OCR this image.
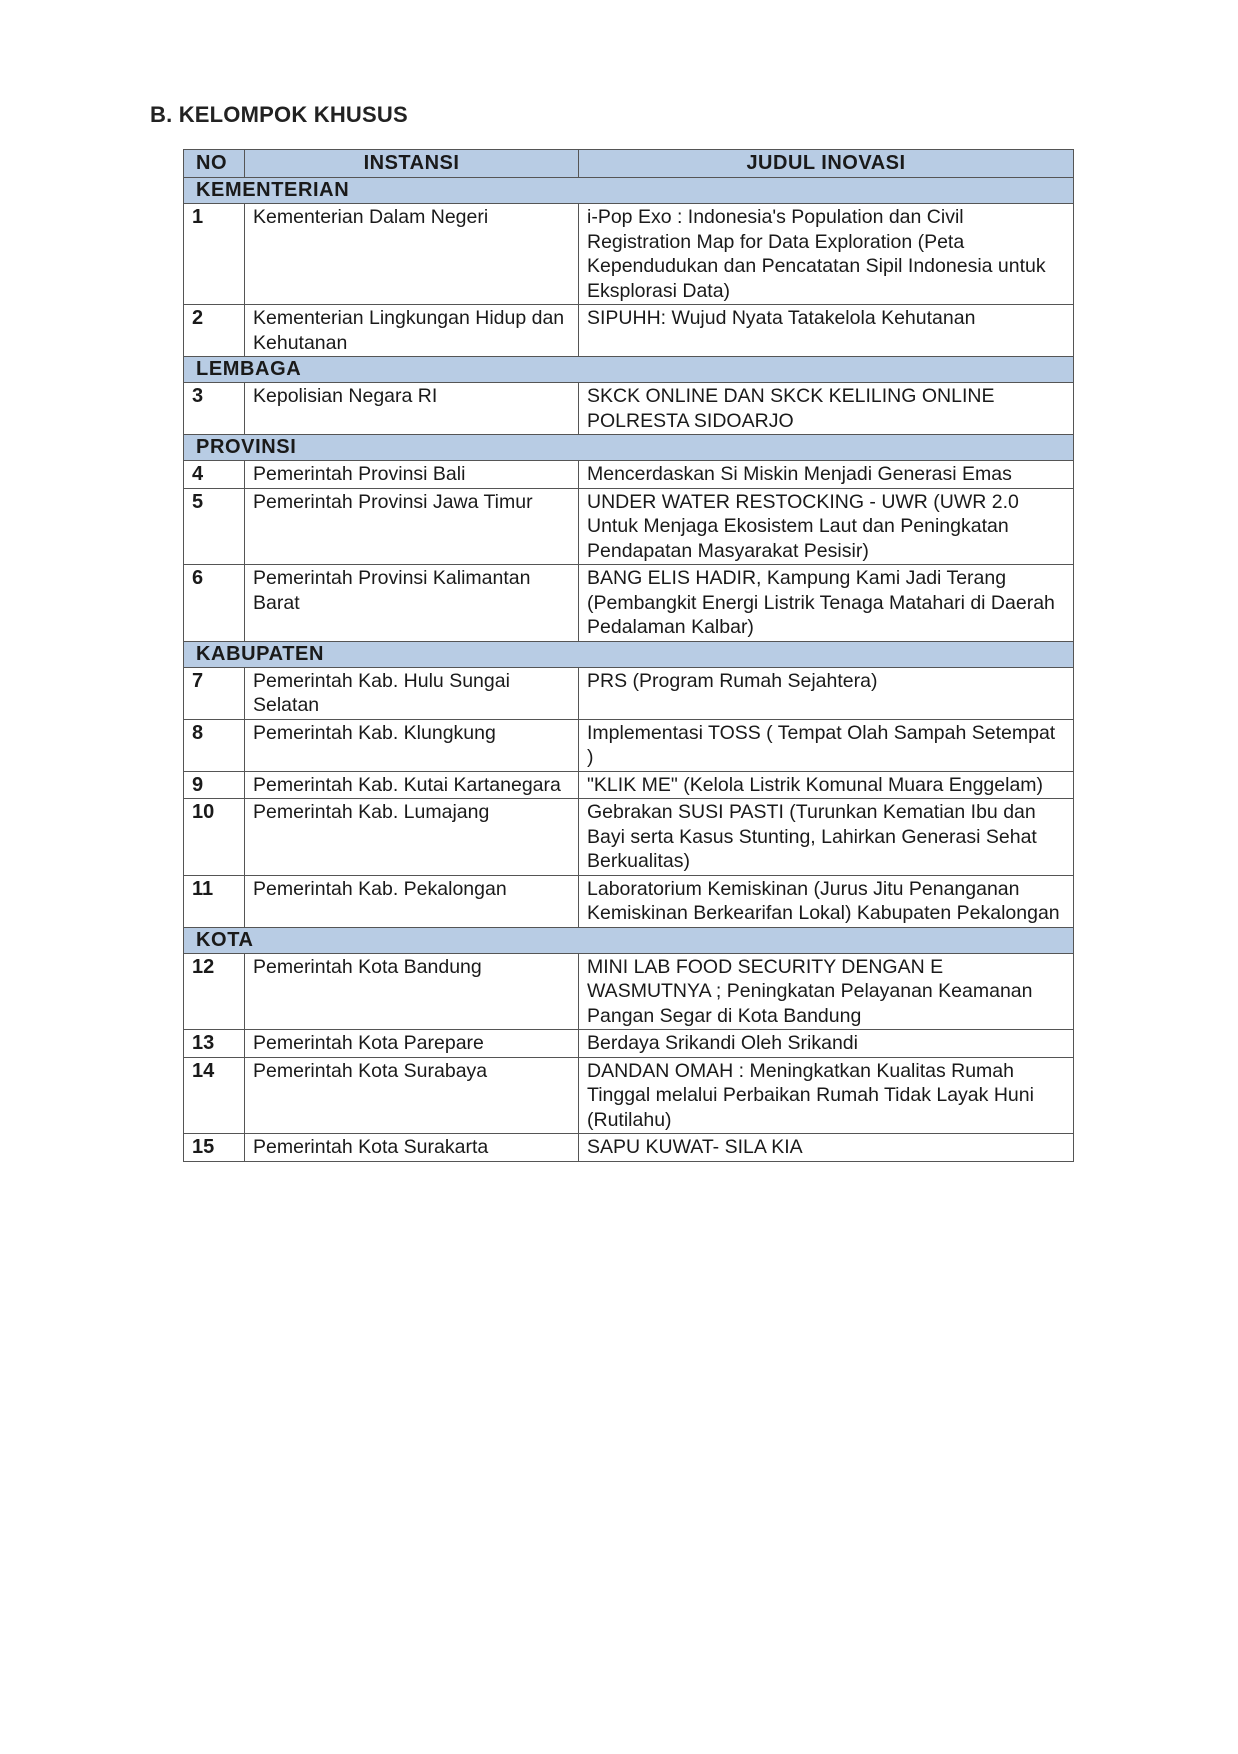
B. KELOMPOK KHUSUS
NO	INSTANSI	JUDUL INOVASI
KEMENTERIAN		
1	Kementerian Dalam Negeri	i-Pop Exo : Indonesia's Population dan Civil Registration Map for Data Exploration (Peta Kependudukan dan Pencatatan Sipil Indonesia untuk Eksplorasi Data)
2	Kementerian Lingkungan Hidup dan Kehutanan	SIPUHH: Wujud Nyata Tatakelola Kehutanan
LEMBAGA		
3	Kepolisian Negara RI	SKCK ONLINE DAN SKCK KELILING ONLINE POLRESTA SIDOARJO
PROVINSI		
4	Pemerintah Provinsi Bali	Mencerdaskan Si Miskin Menjadi Generasi Emas
5	Pemerintah Provinsi Jawa Timur	UNDER WATER RESTOCKING - UWR (UWR 2.0 Untuk Menjaga Ekosistem Laut dan Peningkatan Pendapatan Masyarakat Pesisir)
6	Pemerintah Provinsi Kalimantan Barat	BANG ELIS HADIR, Kampung Kami Jadi Terang (Pembangkit Energi Listrik Tenaga Matahari di Daerah Pedalaman Kalbar)
KABUPATEN		
7	Pemerintah Kab. Hulu Sungai Selatan	PRS (Program Rumah Sejahtera)
8	Pemerintah Kab. Klungkung	Implementasi TOSS ( Tempat Olah Sampah Setempat )
9	Pemerintah Kab. Kutai Kartanegara	"KLIK ME" (Kelola Listrik Komunal Muara Enggelam)
10	Pemerintah Kab. Lumajang	Gebrakan SUSI PASTI (Turunkan Kematian Ibu dan Bayi serta Kasus Stunting, Lahirkan Generasi Sehat Berkualitas)
11	Pemerintah Kab. Pekalongan	Laboratorium Kemiskinan (Jurus Jitu Penanganan Kemiskinan Berkearifan Lokal) Kabupaten Pekalongan
KOTA		
12	Pemerintah Kota Bandung	MINI LAB FOOD SECURITY DENGAN E WASMUTNYA ; Peningkatan Pelayanan Keamanan Pangan Segar di Kota Bandung
13	Pemerintah Kota Parepare	Berdaya Srikandi Oleh Srikandi
14	Pemerintah Kota Surabaya	DANDAN OMAH : Meningkatkan Kualitas Rumah Tinggal melalui Perbaikan Rumah Tidak Layak Huni (Rutilahu)
15	Pemerintah Kota Surakarta	SAPU KUWAT- SILA KIA
